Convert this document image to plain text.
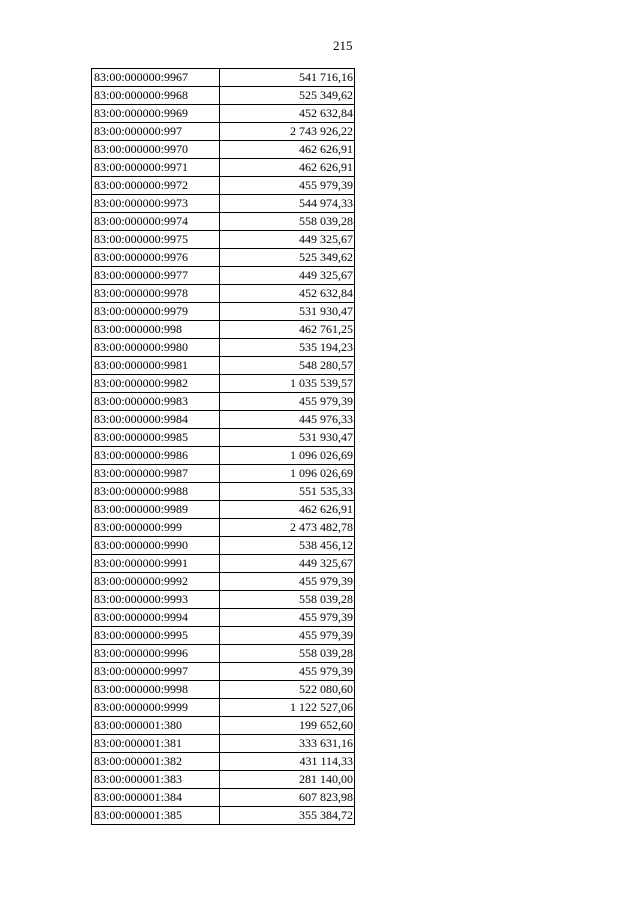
215
83:00:000000:9967	541 716,16
83:00:000000:9968	525 349,62
83:00:000000:9969	452 632,84
83:00:000000:997	2 743 926,22
83:00:000000:9970	462 626,91
83:00:000000:9971	462 626,91
83:00:000000:9972	455 979,39
83:00:000000:9973	544 974,33
83:00:000000:9974	558 039,28
83:00:000000:9975	449 325,67
83:00:000000:9976	525 349,62
83:00:000000:9977	449 325,67
83:00:000000:9978	452 632,84
83:00:000000:9979	531 930,47
83:00:000000:998	462 761,25
83:00:000000:9980	535 194,23
83:00:000000:9981	548 280,57
83:00:000000:9982	1 035 539,57
83:00:000000:9983	455 979,39
83:00:000000:9984	445 976,33
83:00:000000:9985	531 930,47
83:00:000000:9986	1 096 026,69
83:00:000000:9987	1 096 026,69
83:00:000000:9988	551 535,33
83:00:000000:9989	462 626,91
83:00:000000:999	2 473 482,78
83:00:000000:9990	538 456,12
83:00:000000:9991	449 325,67
83:00:000000:9992	455 979,39
83:00:000000:9993	558 039,28
83:00:000000:9994	455 979,39
83:00:000000:9995	455 979,39
83:00:000000:9996	558 039,28
83:00:000000:9997	455 979,39
83:00:000000:9998	522 080,60
83:00:000000:9999	1 122 527,06
83:00:000001:380	199 652,60
83:00:000001:381	333 631,16
83:00:000001:382	431 114,33
83:00:000001:383	281 140,00
83:00:000001:384	607 823,98
83:00:000001:385	355 384,72
